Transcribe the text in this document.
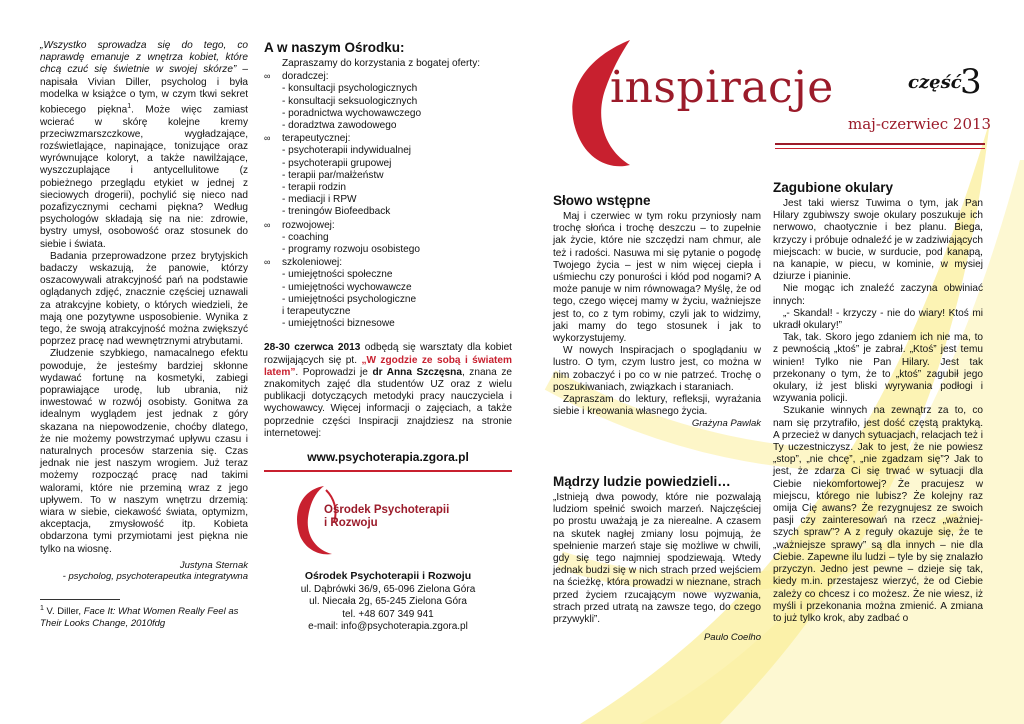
„Wszystko sprowadza się do tego, co naprawdę emanuje z wnętrza kobiet, które chcą czuć się świetnie w swojej skórze” – napisała Vivian Diller, psycholog i była modelka w książce o tym, w czym tkwi sekret kobiecego piękna$^1$. Może więc zamiast wcierać w skórę kolejne kremy przeciwzmarszczkowe, wygładzające, rozświetlające, napinające, tonizujące oraz wyrównujące koloryt, a także nawilżające, wyszczuplające i antycellulitowe (z pobieżnego przeglądu etykiet w jednej z sieciowych drogerii), pochylić się nieco nad pozafizycznymi cechami piękna? Według psychologów składają się na nie: zdrowie, bystry umysł, osobowość oraz stosunek do siebie i świata.

Badania przeprowadzone przez brytyjskich badaczy wskazują, że panowie, którzy oszacowywali atrakcyjność pań na podstawie oglądanych zdjęć, znacznie częściej uznawali za atrakcyjne kobiety, o których wiedzieli, że mają one pozytywne usposobienie. Wynika z tego, że swoją atrakcyjność można zwiększyć poprzez pracę nad wewnętrznymi atrybutami.

Złudzenie szybkiego, namacalnego efektu powoduje, że jesteśmy bardziej skłonne wydawać fortunę na kosmetyki, zabiegi poprawiające urodę, lub ubrania, niż inwestować w rozwój osobisty. Gonitwa za idealnym wyglądem jest jednak z góry skazana na niepowodzenie, choćby dlatego, że nie możemy powstrzymać upływu czasu i naturalnych procesów starzenia się. Czas jednak nie jest naszym wrogiem. Już teraz możemy rozpocząć pracę nad takimi walorami, które nie przeminą wraz z jego upływem. To w naszym wnętrzu drzemią: wiara w siebie, ciekawość świata, optymizm, akceptacja, zmysłowość itp. Kobieta obdarzona tymi przymiotami jest piękna nie tylko na wiosnę.

Justyna Sternak

- psycholog, psychoterapeutka integratywna

$^1$ V. Diller, Face It: What Women Really Feel as Their Looks Change, 2010fdg

A w naszym Ośrodku:

Zapraszamy do korzystania z bogatej oferty:

∞ doradczej:
- konsultacji psychologicznych
- konsultacji seksuologicznych
- poradnictwa wychowawczego
- doradztwa zawodowego
∞ terapeutycznej:
- psychoterapii indywidualnej
- psychoterapii grupowej
- terapii par/małżeństw
- terapii rodzin
- mediacji i RPW
- treningów Biofeedback
∞ rozwojowej:
- coaching
- programy rozwoju osobistego
∞ szkoleniowej:
- umiejętności społeczne
- umiejętności wychowawcze
- umiejętności psychologiczne
i terapeutyczne
- umiejętności biznesowe

28-30 czerwca 2013 odbędą się warsztaty dla kobiet rozwijających się pt. „W zgodzie ze sobą i światem latem”. Poprowadzi je dr Anna Szczęsna, znana ze znakomitych zajęć dla studentów UZ oraz z wielu publikacji dotyczących metodyki pracy nauczyciela i wychowawcy. Więcej informacji o zajęciach, a także poprzednie części Inspiracji znajdziesz na stronie internetowej:

www.psychoterapia.zgora.pl

Ośrodek Psychoterapii
i Rozwoju

Ośrodek Psychoterapii i Rozwoju

ul. Dąbrówki 36/9, 65-096 Zielona Góra

ul. Niecała 2g, 65-245 Zielona Góra

tel. +48 607 349 941

e-mail: info@psychoterapia.zgora.pl

inspiracje	część
3
maj-czerwiec 2013
Słowo wstępne

Maj i czerwiec w tym roku przyniosły nam trochę słońca i trochę deszczu – to zupełnie jak życie, które nie szczędzi nam chmur, ale też i radości. Nasuwa mi się pytanie o pogodę Twojego życia – jest w nim więcej ciepła i uśmiechu czy ponurości i kłód pod nogami? A może panuje w nim równowaga? Myślę, że od tego, czego więcej mamy w życiu, ważniejsze jest to, co z tym robimy, czyli jak to widzimy, jaki mamy do tego stosunek i jak to wykorzystujemy.

W nowych Inspiracjach o spoglądaniu w lustro. O tym, czym lustro jest, co można w nim zobaczyć i po co w nie patrzeć. Trochę o poszukiwaniach, związkach i staraniach.

Zapraszam do lektury, refleksji, wyrażania siebie i kreowania własnego życia.

Grażyna Pawlak

Mądrzy ludzie powiedzieli…

„Istnieją dwa powody, które nie pozwalają ludziom spełnić swoich marzeń. Najczęściej po prostu uważają je za nierealne. A czasem na skutek nagłej zmiany losu pojmują, że spełnienie marzeń staje się możliwe w chwili, gdy się tego najmniej spodziewają. Wtedy jednak budzi się w nich strach przed wejściem na ścieżkę, która prowadzi w nieznane, strach przed życiem rzucającym nowe wyzwania, strach przed utratą na zawsze tego, do czego przywykli”.

Paulo Coelho

Zagubione okulary

Jest taki wiersz Tuwima o tym, jak Pan Hilary zgubiwszy swoje okulary poszukuje ich nerwowo, chaotycznie i bez planu. Biega, krzyczy i próbuje odnaleźć je w zadziwiających miejscach: w bucie, w surducie, pod kanapą, na kanapie, w piecu, w kominie, w mysiej dziurze i pianinie.

Nie mogąc ich znaleźć zaczyna obwiniać innych:

„- Skandal! - krzyczy - nie do wiary! Ktoś mi ukradł okulary!”

Tak, tak. Skoro jego zdaniem ich nie ma, to z pewnością „ktoś” je zabrał. „Ktoś” jest temu winien! Tylko nie Pan Hilary. Jest tak przekonany o tym, że to „ktoś” zagubił jego okulary, iż jest bliski wyrywania podłogi i wzywania policji.

Szukanie winnych na zewnątrz za to, co nam się przytrafiło, jest dość częstą praktyką. A przecież w danych sytuacjach, relacjach też i Ty uczestniczysz. Jak to jest, że nie powiesz „stop”, „nie chcę”, „nie zgadzam się”? Jak to jest, że zdarza Ci się trwać w sytuacji dla Ciebie niekomfortowej? Że pracujesz w miejscu, którego nie lubisz? Że kolejny raz omija Cię awans? Że rezygnujesz ze swoich pasji czy zainteresowań na rzecz „ważniej-szych spraw”? A z reguły okazuje się, że te „ważniejsze sprawy” są dla innych – nie dla Ciebie. Zapewne ilu ludzi – tyle by się znalazło przyczyn. Jedno jest pewne – dzieje się tak, kiedy m.in. przestajesz wierzyć, że od Ciebie zależy co chcesz i co możesz. Że nie wiesz, iż myśli i przekonania można zmienić. A zmiana to już tylko krok, aby zadbać o
